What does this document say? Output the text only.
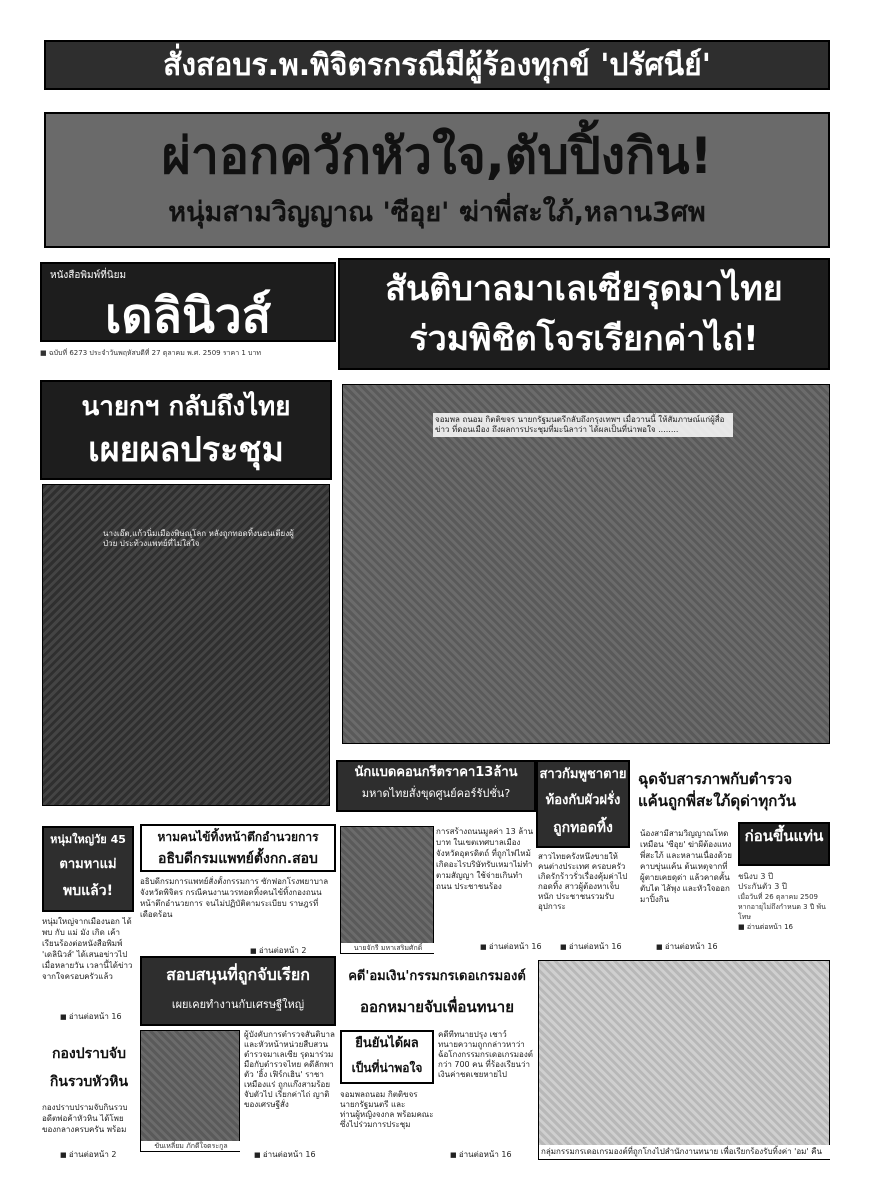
สั่งสอบร.พ.พิจิตรกรณีมีผู้ร้องทุกข์ 'ปรัศนีย์'
ผ่าอกควักหัวใจ,ตับปิ้งกิน!
หนุ่มสามวิญญาณ 'ซีอุย' ฆ่าพี่สะใภ้,หลาน3ศพ
หนังสือพิมพ์ที่นิยม
เดลินิวส์
■ ฉบับที่ 6273 ประจำวันพฤหัสบดีที่ 27 ตุลาคม พ.ศ. 2509 ราคา 1 บาท
สันติบาลมาเลเซียรุดมาไทย
ร่วมพิชิตโจรเรียกค่าไถ่!
นายกฯ กลับถึงไทย
เผยผลประชุม
นางเอ๊ต,แก้วนิ่มเมืองพิษณุโลก หลังถูกทอดทิ้งนอนเตียงผู้ป่วย ประท้วงแพทย์ที่ไม่ใส่ใจ
จอมพล ถนอม กิตติขจร นายกรัฐมนตรีกลับถึงกรุงเทพฯ เมื่อวานนี้ ให้สัมภาษณ์แก่ผู้สื่อข่าว ที่ดอนเมือง ถึงผลการประชุมที่มะนิลาว่า ได้ผลเป็นที่น่าพอใจ ........
นักแบดคอนกรีตราคา13ล้าน
มหาดไทยสั่งขุดศูนย์คอร์รัปชั่น?
การสร้างถนนมูลค่า 13 ล้านบาท ในเขตเทศบาลเมือง จังหวัดอุตรดิตถ์ ที่ถูกไฟไหม้ เกิดอะไรบริษัทรับเหมาไม่ทำตามสัญญา ใช้จ่ายเกินทำถนน ประชาชนร้อง
■ อ่านต่อหน้า 16
สาวกัมพูชาตาย
ท้องกับผัวฝรั่ง
ถูกทอดทิ้ง
สาวไทยครั้งหนึ่งขายให้คนต่างประเทศ ครอบครัวเกิดรักร้าวรั่วเรื่องคุ้มค่าไปกอดทิ้ง สาวผู้ต้องหาเจ็บหนัก ประชาชนรวมรับอุปการะ
■ อ่านต่อหน้า 16
ฉุดจับสารภาพกับตำรวจ
แค้นถูกพี่สะใภ้ดุด่าทุกวัน
น้องสามีสามวิญญาณโหดเหมือน 'ซีอุย' ฆ่าผีต้องแทงพี่สะใภ้ และหลานเนื่องด้วยคาบขุ่นแค้น ต้นเหตุจากที่ผู้ตายเคยดุด่า แล้วคาดคั้นตับไต ไส้พุง และหัวใจออกมาปิ้งกิน
■ อ่านต่อหน้า 16
ก่อนขึ้นแท่น
ชนิงบ 3 ปี
ประกันตัว 3 ปี
เมื่อวันที่ 26 ตุลาคม 2509
หากอายุไม่ถึงกำหนด 3 ปี พ้นโทษ
■ อ่านต่อหน้า 16
หนุ่มใหญ่วัย 45
ตามหาแม่
พบแล้ว!
หนุ่มใหญ่จากเมืองนอก ได้พบ กับ แม่ มัง เกิด เค้าเรียนร้องต่อหนังสือพิมพ์ 'เดลินิวส์' ได้เสนอข่าวไปเมื่อหลายวัน เวลานี้ได้ข่าวจากใจครอบครัวแล้ว
■ อ่านต่อหน้า 16
หามคนไข้ทิ้งหน้าตึกอำนวยการ
อธิบดีกรมแพทย์ตั้งกก.สอบ
อธิบดีกรมการแพทย์สั่งตั้งกรรมการ ซักฟอกโรงพยาบาลจังหวัดพิจิตร กรณีคนงานเวรทอดทิ้งคนไข้ทิ้งกองถนนหน้าตึกอำนวยการ จนไม่ปฏิบัติตามระเบียบ ราษฎรที่เดือดร้อน
■ อ่านต่อหน้า 2	นายจักรี มหาเสริมศักดิ์
สอบสนุนที่ถูกจับเรียก
เผยเคยทำงานกับเศรษฐีใหญ่
ขันเหลี่ยม ภักดีใจตระกูล
ผู้บังคับการตำรวจสันติบาล และหัวหน้าหน่วยสืบสวนตำรวจมาเลเซีย รุดมาร่วมมือกับตำรวจไทย คดีลักพาตัว 'ฮิ้ง เฟิร์กเฮิน' ราชาเหมืองแร่ ถูกแก๊งสามร้อยจับตัวไป เรียกค่าไถ่ ญาติของเศรษฐีสั่ง
■ อ่านต่อหน้า 16
กองปราบจับ
กินรวบหัวหิน
กองปราบปรามจับกินรวบอดีตพ่อค้าหัวหิน ได้โพยของกลางครบครัน พร้อม
■ อ่านต่อหน้า 2
คดี'อมเงิน'กรรมกรเดอเกรมองต์
ออกหมายจับเพื่อนทนาย
ยืนยันได้ผล
เป็นที่น่าพอใจ
คดีที่ทนายปรุง เชาว์ ทนายความถูกกล่าวหาว่าฉ้อโกงกรรมกรเดอเกรมองต์ กว่า 700 คน ที่ร้องเรียนว่าเงินค่าชดเชยหายไป
จอมพลถนอม กิตติขจร นายกรัฐมนตรี และท่านผู้หญิงจงกล พร้อมคณะ ซึ่งไปร่วมการประชุม
■ อ่านต่อหน้า 16	กลุ่มกรรมกรเดอเกรมองต์ที่ถูกโกงไปสำนักงานทนาย เพื่อเรียกร้องรับทิ้งค่า 'อม' คืน
